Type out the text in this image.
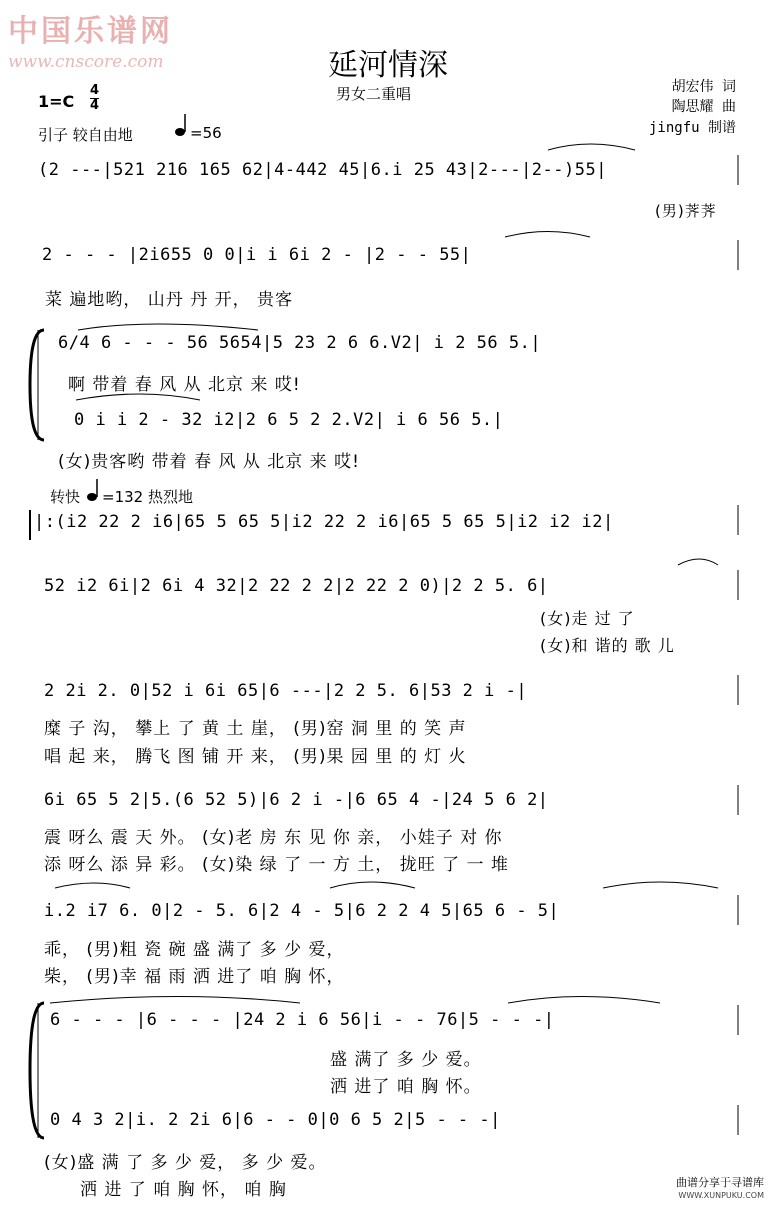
中国乐谱网
www.cnscore.com	延河情深
男女二重唱	胡宏伟 词
陶思耀 曲
jingfu 制谱
1=C
4
4
引子 较自由地	=56
(2 ---|521 216 165 62|4-442 45|6.i 25 43|2---|2--)55|
(男)荠荠
2 - - - |2i655 0 0|i i 6i 2 - |2 - - 55|
菜 遍地哟， 山丹 丹 开， 贵客
6/4 6 - - - 56 5654|5 23 2 6 6.V2| i 2 56 5.|
啊 带着 春 风 从 北京 来 哎!
0 i i 2 - 32 i2|2 6 5 2 2.V2| i 6 56 5.|
(女)贵客哟 带着 春 风 从 北京 来 哎!
转快 =132 热烈地
|:(i2 22 2 i6|65 5 65 5|i2 22 2 i6|65 5 65 5|i2 i2 i2|
52 i2 6i|2 6i 4 32|2 22 2 2|2 22 2 0)|2 2 5. 6|
(女)走 过 了
(女)和 谐的 歌 儿
2 2i 2. 0|52 i 6i 65|6 ---|2 2 5. 6|53 2 i -|
糜 子 沟， 攀上 了 黄 土 崖， (男)窑 洞 里 的 笑 声
唱 起 来， 腾飞 图 铺 开 来， (男)果 园 里 的 灯 火
6i 65 5 2|5.(6 52 5)|6 2 i -|6 65 4 -|24 5 6 2|
震 呀么 震 天 外。 (女)老 房 东 见 你 亲， 小娃子 对 你
添 呀么 添 异 彩。 (女)染 绿 了 一 方 土， 拢旺 了 一 堆
i.2 i7 6. 0|2 - 5. 6|2 4 - 5|6 2 2 4 5|65 6 - 5|
乖， (男)粗 瓷 碗 盛 满了 多 少 爱，
柴， (男)幸 福 雨 洒 进了 咱 胸 怀，
6 - - - |6 - - - |24 2 i 6 56|i - - 76|5 - - -|
盛 满了 多 少 爱。
洒 进了 咱 胸 怀。
0 4 3 2|i. 2 2i 6|6 - - 0|0 6 5 2|5 - - -|
(女)盛 满 了 多 少 爱， 多 少 爱。
洒 进 了 咱 胸 怀， 咱 胸	曲谱分享于寻谱库
WWW.XUNPUKU.COM
